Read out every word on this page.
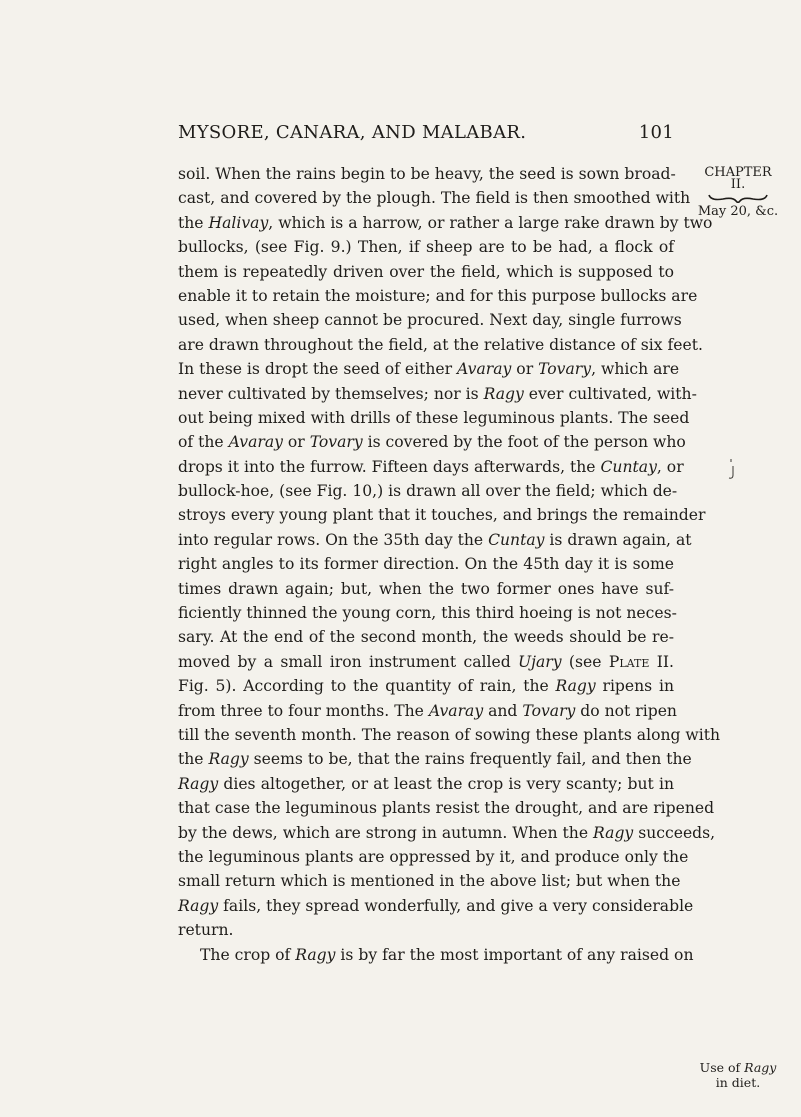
MYSORE, CANARA, AND MALABAR.	101
soil. When the rains begin to be heavy, the seed is sown broad-
cast, and covered by the plough. The field is then smoothed with
the Halivay, which is a harrow, or rather a large rake drawn by two
bullocks, (see Fig. 9.) Then, if sheep are to be had, a flock of
them is repeatedly driven over the field, which is supposed to
enable it to retain the moisture; and for this purpose bullocks are
used, when sheep cannot be procured. Next day, single furrows
are drawn throughout the field, at the relative distance of six feet.
In these is dropt the seed of either Avaray or Tovary, which are
never cultivated by themselves; nor is Ragy ever cultivated, with-
out being mixed with drills of these leguminous plants. The seed
of the Avaray or Tovary is covered by the foot of the person who
drops it into the furrow. Fifteen days afterwards, the Cuntay, or
bullock-hoe, (see Fig. 10,) is drawn all over the field; which de-
stroys every young plant that it touches, and brings the remainder
into regular rows. On the 35th day the Cuntay is drawn again, at
right angles to its former direction. On the 45th day it is some
times drawn again; but, when the two former ones have suf-
ficiently thinned the young corn, this third hoeing is not neces-
sary. At the end of the second month, the weeds should be re-
moved by a small iron instrument called Ujary (see Plate II.
Fig. 5). According to the quantity of rain, the Ragy ripens in
from three to four months. The Avaray and Tovary do not ripen
till the seventh month. The reason of sowing these plants along with
the Ragy seems to be, that the rains frequently fail, and then the
Ragy dies altogether, or at least the crop is very scanty; but in
that case the leguminous plants resist the drought, and are ripened
by the dews, which are strong in autumn. When the Ragy succeeds,
the leguminous plants are oppressed by it, and produce only the
small return which is mentioned in the above list; but when the
Ragy fails, they spread wonderfully, and give a very considerable
return.
The crop of Ragy is by far the most important of any raised on
CHAPTER
II.
May 20, &c.
Use of Ragy
in diet.
